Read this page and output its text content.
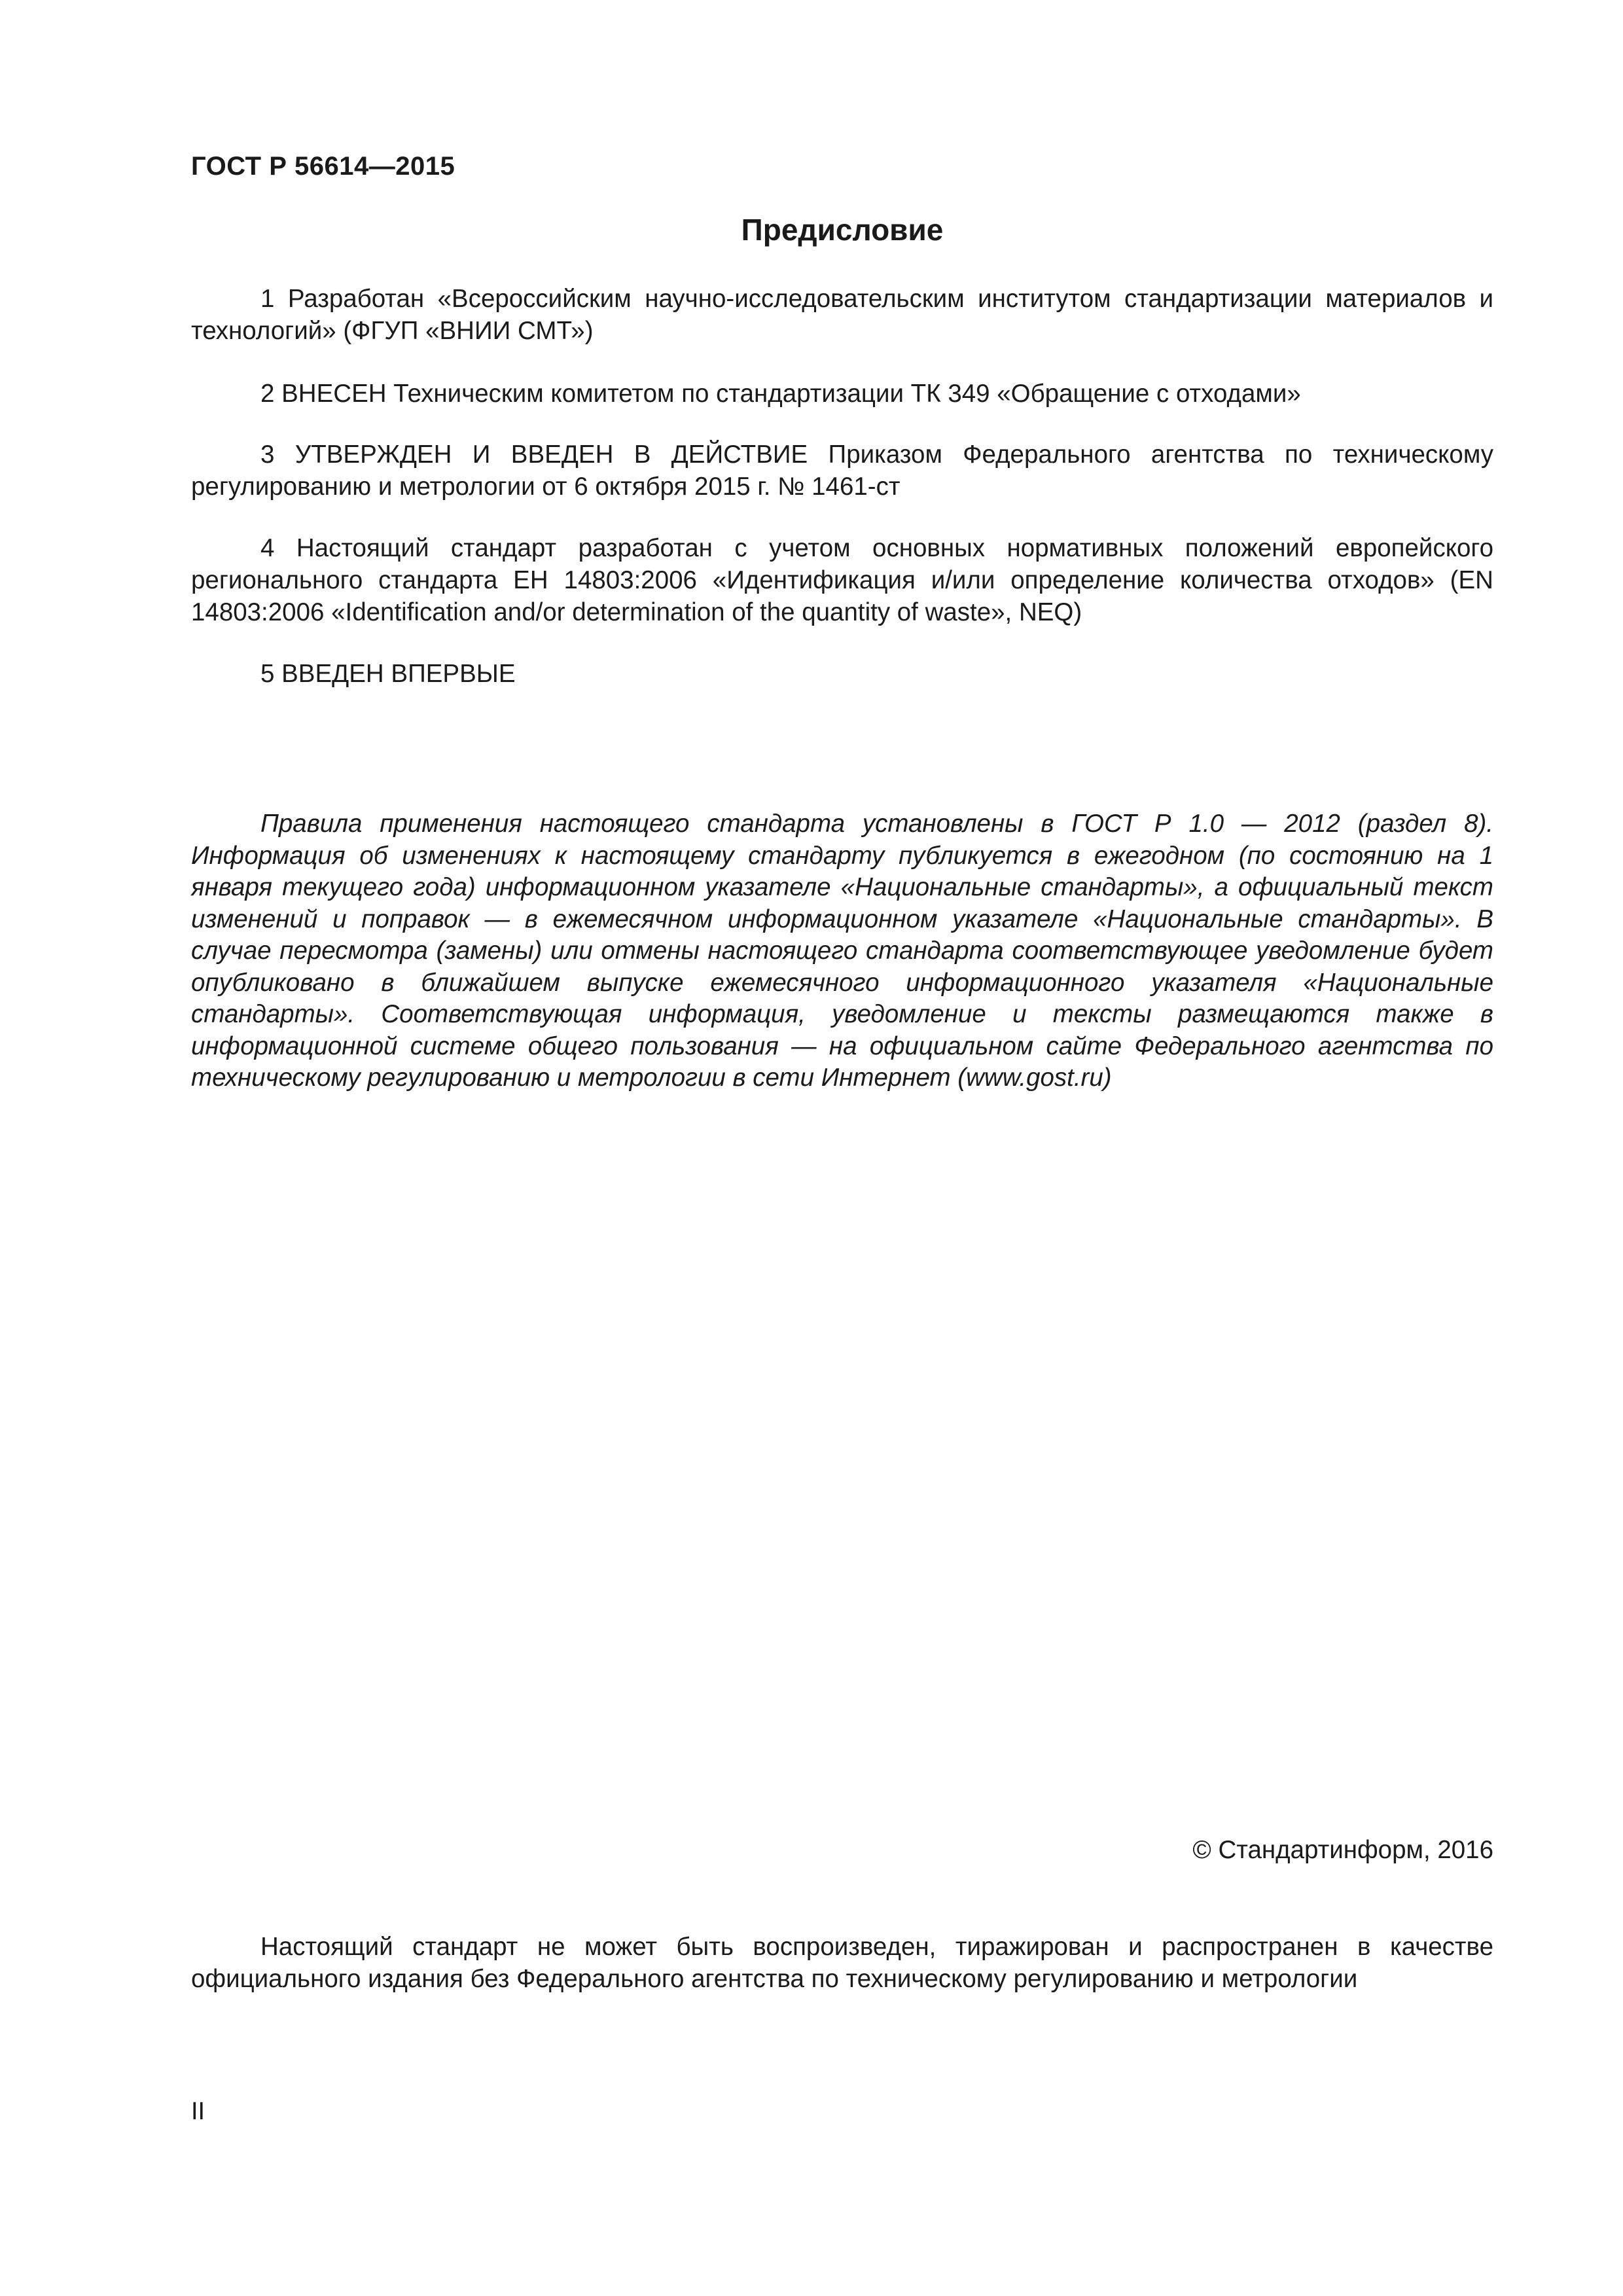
ГОСТ Р 56614—2015
Предисловие
1 Разработан «Всероссийским научно-исследовательским институтом стандартизации материалов и технологий» (ФГУП «ВНИИ СМТ»)
2 ВНЕСЕН Техническим комитетом по стандартизации ТК 349 «Обращение с отходами»
3 УТВЕРЖДЕН И ВВЕДЕН В ДЕЙСТВИЕ Приказом Федерального агентства по техническому регулированию и метрологии от 6 октября 2015 г. № 1461-ст
4 Настоящий стандарт разработан с учетом основных нормативных положений европейского регионального стандарта ЕН 14803:2006 «Идентификация и/или определение количества отходов» (EN 14803:2006 «Identification and/or determination of the quantity of waste», NEQ)
5 ВВЕДЕН ВПЕРВЫЕ
Правила применения настоящего стандарта установлены в ГОСТ Р 1.0 — 2012 (раздел 8). Информация об изменениях к настоящему стандарту публикуется в ежегодном (по состоянию на 1 января текущего года) информационном указателе «Национальные стандарты», а официальный текст изменений и поправок — в ежемесячном информационном указателе «Национальные стандарты». В случае пересмотра (замены) или отмены настоящего стандарта соответствующее уведомление будет опубликовано в ближайшем выпуске ежемесячного информационного указателя «Национальные стандарты». Соответствующая информация, уведомление и тексты размещаются также в информационной системе общего пользования — на официальном сайте Федерального агентства по техническому регулированию и метрологии в сети Интернет (www.gost.ru)
© Стандартинформ, 2016
Настоящий стандарт не может быть воспроизведен, тиражирован и распространен в качестве официального издания без Федерального агентства по техническому регулированию и метрологии
II
